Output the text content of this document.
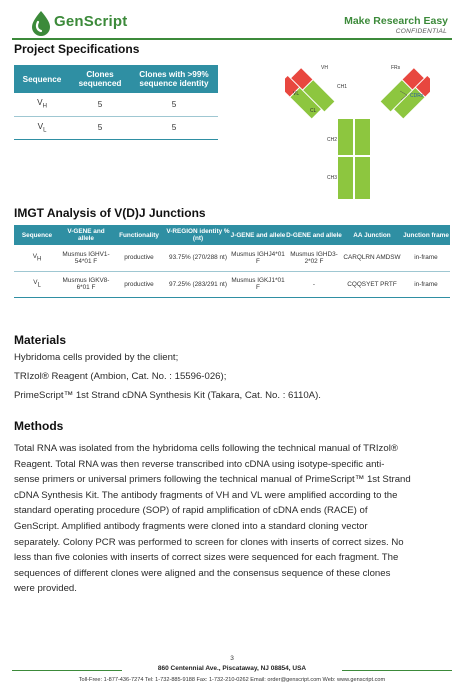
GenScript	Make Research Easy
CONFIDENTIAL
Project Specifications
Sequence	Clones sequenced	Clones with >99% sequence identity
$V_H$	5	5
$V_L$	5	5
VH
VL
CH1
CL
CH2
CH3
FRs
CDRs
IMGT Analysis of V(D)J Junctions
Sequence	V-GENE and allele	Functionality	V-REGION identity % (nt)	J-GENE and allele	D-GENE and allele	AA Junction	Junction frame
$V_H$	Musmus IGHV1-54*01 F	productive	93.75% (270/288 nt)	Musmus IGHJ4*01 F	Musmus IGHD3-2*02 F	CARQLRN AMDSW	in-frame
$V_L$	Musmus IGKV8-6*01 F	productive	97.25% (283/291 nt)	Musmus IGKJ1*01 F	-	CQQSYET PRTF	in-frame
Materials
Hybridoma cells provided by the client;
TRIzol® Reagent (Ambion, Cat. No. : 15596-026);
PrimeScript™ 1st Strand cDNA Synthesis Kit (Takara, Cat. No. : 6110A).
Methods
Total RNA was isolated from the hybridoma cells following the technical manual of TRIzol®
Reagent. Total RNA was then reverse transcribed into cDNA using isotype-specific anti-
sense primers or universal primers following the technical manual of PrimeScript™ 1st Strand
cDNA Synthesis Kit. The antibody fragments of VH and VL were amplified according to the
standard operating procedure (SOP) of rapid amplification of cDNA ends (RACE) of
GenScript. Amplified antibody fragments were cloned into a standard cloning vector
separately. Colony PCR was performed to screen for clones with inserts of correct sizes. No
less than five colonies with inserts of correct sizes were sequenced for each fragment. The
sequences of different clones were aligned and the consensus sequence of these clones
were provided.
3
860 Centennial Ave., Piscataway, NJ 08854, USA
Toll-Free: 1-877-436-7274 Tel: 1-732-885-9188 Fax: 1-732-210-0262 Email: order@genscript.com Web: www.genscript.com
